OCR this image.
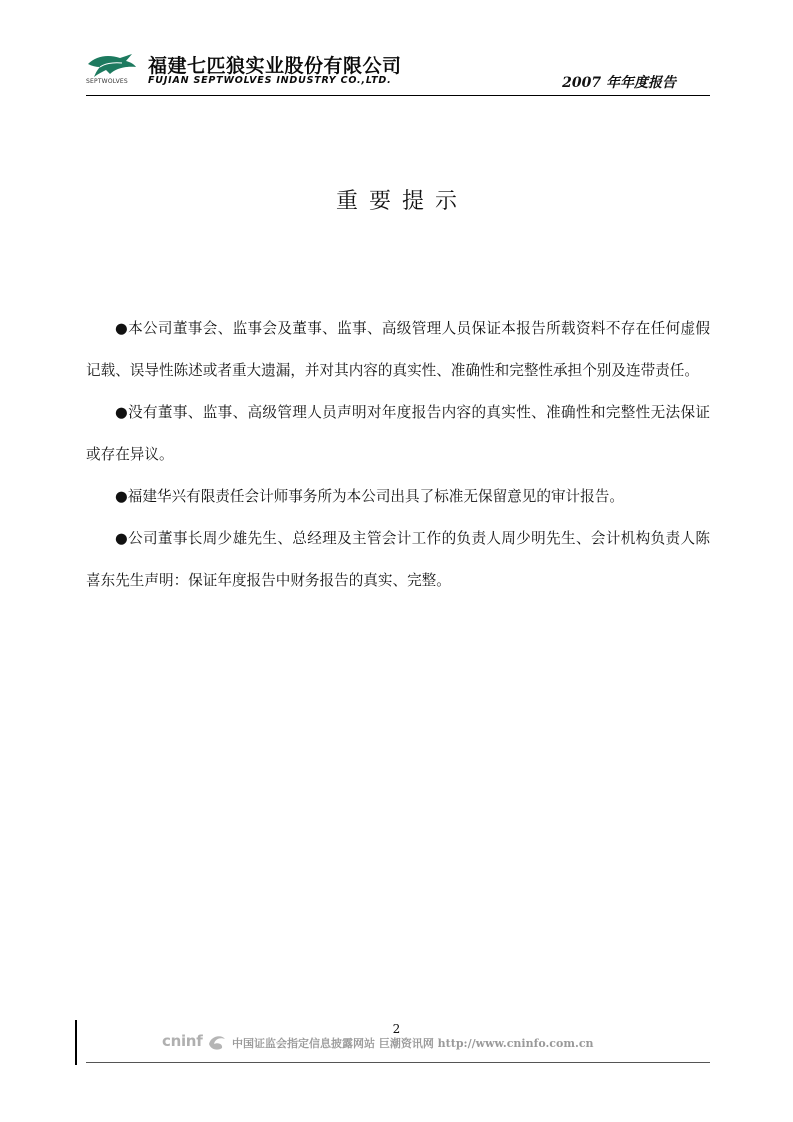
SEPTWOLVES
福建七匹狼实业股份有限公司
FUJIAN SEPTWOLVES INDUSTRY CO.,LTD.	2007 年年度报告
重要提示

●本公司董事会、监事会及董事、监事、高级管理人员保证本报告所载资料不存在任何虚假记载、误导性陈述或者重大遗漏，并对其内容的真实性、准确性和完整性承担个别及连带责任。

●没有董事、监事、高级管理人员声明对年度报告内容的真实性、准确性和完整性无法保证或存在异议。

●福建华兴有限责任会计师事务所为本公司出具了标准无保留意见的审计报告。

●公司董事长周少雄先生、总经理及主管会计工作的负责人周少明先生、会计机构负责人陈喜东先生声明：保证年度报告中财务报告的真实、完整。

2
cninf	中国证监会指定信息披露网站 巨潮资讯网 http://www.cninfo.com.cn
